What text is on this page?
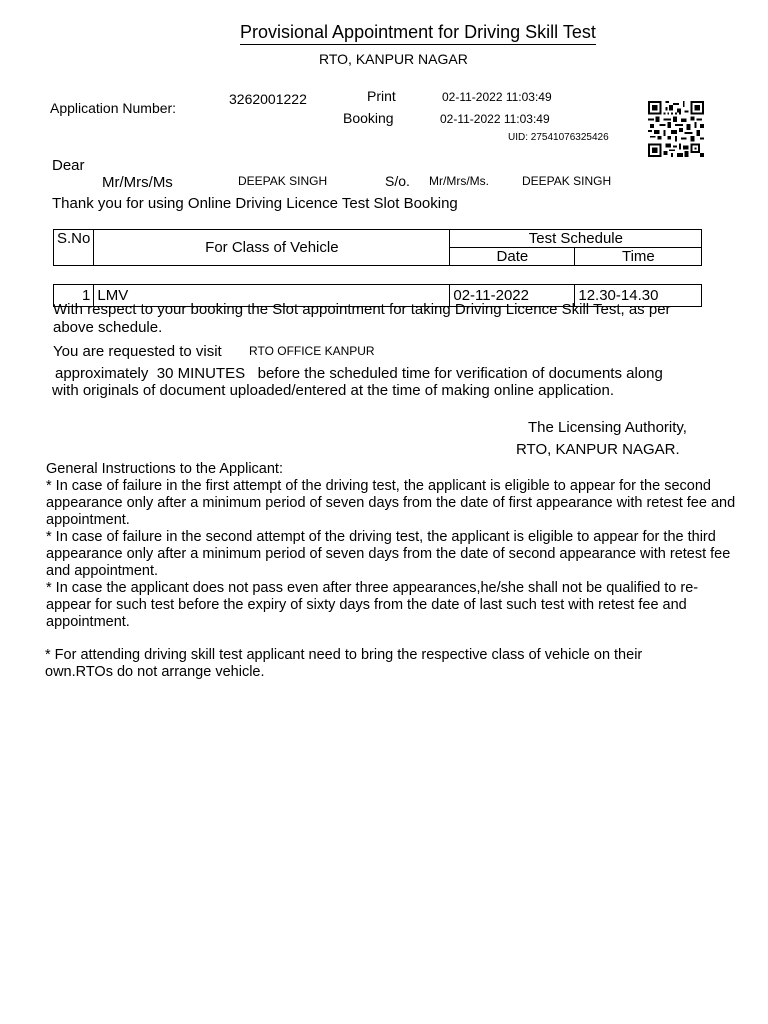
Provisional Appointment for Driving Skill Test
RTO, KANPUR NAGAR
Application Number:
3262001222	Print	02-11-2022 11:03:49
Booking	02-11-2022 11:03:49
UID: 27541076325426
Dear
Mr/Mrs/Ms	DEEPAK SINGH	S/o. Mr/Mrs/Ms.	DEEPAK SINGH
Thank you for using Online Driving Licence Test Slot Booking
S.No	For Class of Vehicle	Test Schedule	
		Date	Time

1	LMV	02-11-2022	12.30-14.30
With respect to your booking the Slot appointment for taking Driving Licence Skill Test, as per above schedule.
You are requested to visit RTO OFFICE KANPUR
approximately 30 MINUTES before the scheduled time for verification of documents along
with originals of document uploaded/entered at the time of making online application.
The Licensing Authority,
RTO, KANPUR NAGAR.
General Instructions to the Applicant:
* In case of failure in the first attempt of the driving test, the applicant is eligible to appear for the second appearance only after a minimum period of seven days from the date of first appearance with retest fee and appointment.
* In case of failure in the second attempt of the driving test, the applicant is eligible to appear for the third appearance only after a minimum period of seven days from the date of second appearance with retest fee and appointment.
* In case the applicant does not pass even after three appearances,he/she shall not be qualified to re-appear for such test before the expiry of sixty days from the date of last such test with retest fee and appointment.
* For attending driving skill test applicant need to bring the respective class of vehicle on their own.RTOs do not arrange vehicle.
